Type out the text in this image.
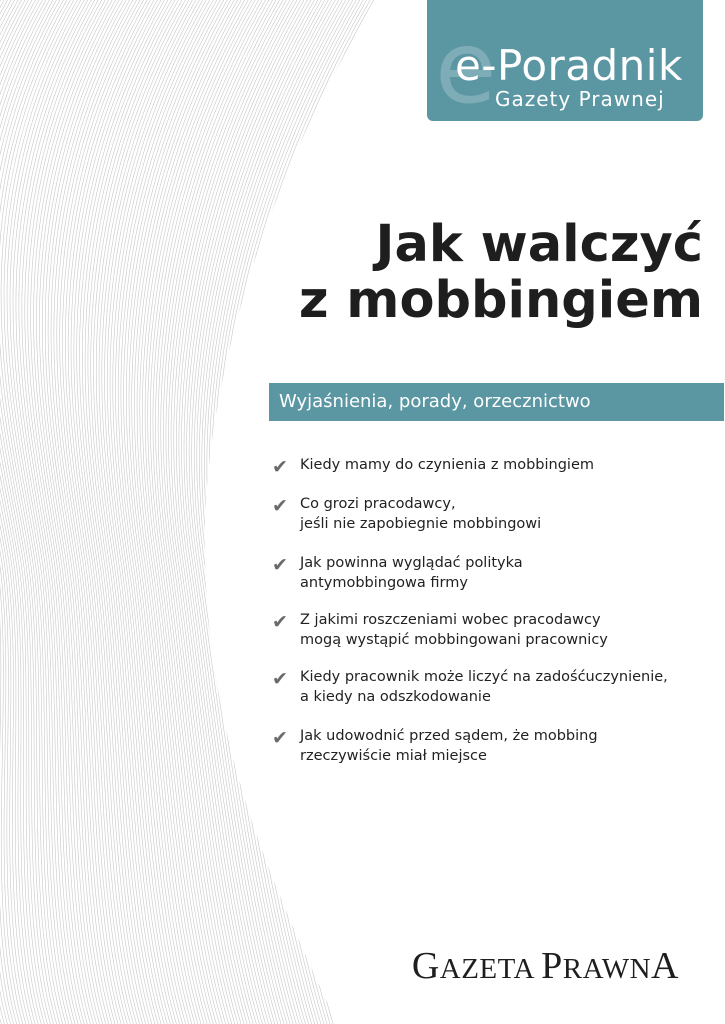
e
e-Poradnik
Gazety Prawnej
Jak walczyć
z mobbingiem
Wyjaśnienia, porady, orzecznictwo
✔ Kiedy mamy do czynienia z mobbingiem
✔ Co grozi pracodawcy,
jeśli nie zapobiegnie mobbingowi
✔ Jak powinna wyglądać polityka
antymobbingowa firmy
✔ Z jakimi roszczeniami wobec pracodawcy
mogą wystąpić mobbingowani pracownicy
✔ Kiedy pracownik może liczyć na zadośćuczynienie,
a kiedy na odszkodowanie
✔ Jak udowodnić przed sądem, że mobbing
rzeczywiście miał miejsce
GAZETA PRAWNA
